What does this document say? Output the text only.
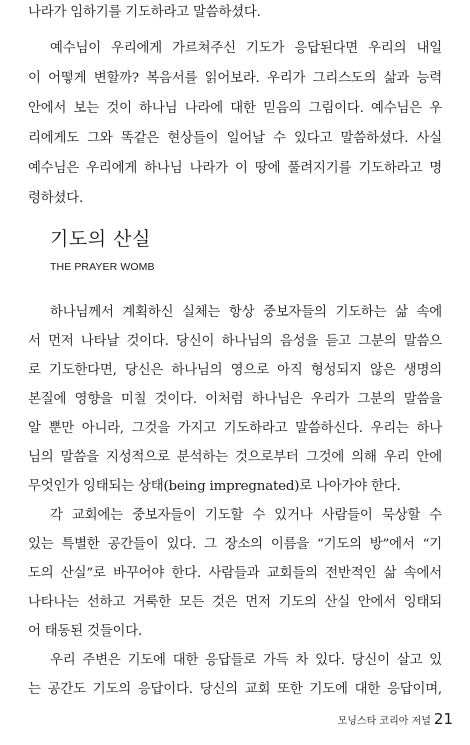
나라가 임하기를 기도하라고 말씀하셨다.
예수님이 우리에게 가르쳐주신 기도가 응답된다면 우리의 내일
이 어떻게 변할까? 복음서를 읽어보라. 우리가 그리스도의 삶과 능력
안에서 보는 것이 하나님 나라에 대한 믿음의 그림이다. 예수님은 우
리에게도 그와 똑같은 현상들이 일어날 수 있다고 말씀하셨다. 사실
예수님은 우리에게 하나님 나라가 이 땅에 풀려지기를 기도하라고 명
령하셨다.
기도의 산실
THE PRAYER WOMB
하나님께서 계획하신 실체는 항상 중보자들의 기도하는 삶 속에
서 먼저 나타날 것이다. 당신이 하나님의 음성을 듣고 그분의 말씀으
로 기도한다면, 당신은 하나님의 영으로 아직 형성되지 않은 생명의
본질에 영향을 미칠 것이다. 이처럼 하나님은 우리가 그분의 말씀을
알 뿐만 아니라, 그것을 가지고 기도하라고 말씀하신다. 우리는 하나
님의 말씀을 지성적으로 분석하는 것으로부터 그것에 의해 우리 안에
무엇인가 잉태되는 상태(being impregnated)로 나아가야 한다.
각 교회에는 중보자들이 기도할 수 있거나 사람들이 묵상할 수
있는 특별한 공간들이 있다. 그 장소의 이름을 “기도의 방”에서 “기
도의 산실”로 바꾸어야 한다. 사람들과 교회들의 전반적인 삶 속에서
나타나는 선하고 거룩한 모든 것은 먼저 기도의 산실 안에서 잉태되
어 태동된 것들이다.
우리 주변은 기도에 대한 응답들로 가득 차 있다. 당신이 살고 있
는 공간도 기도의 응답이다. 당신의 교회 또한 기도에 대한 응답이며,
모닝스타 코리아 저널 21
